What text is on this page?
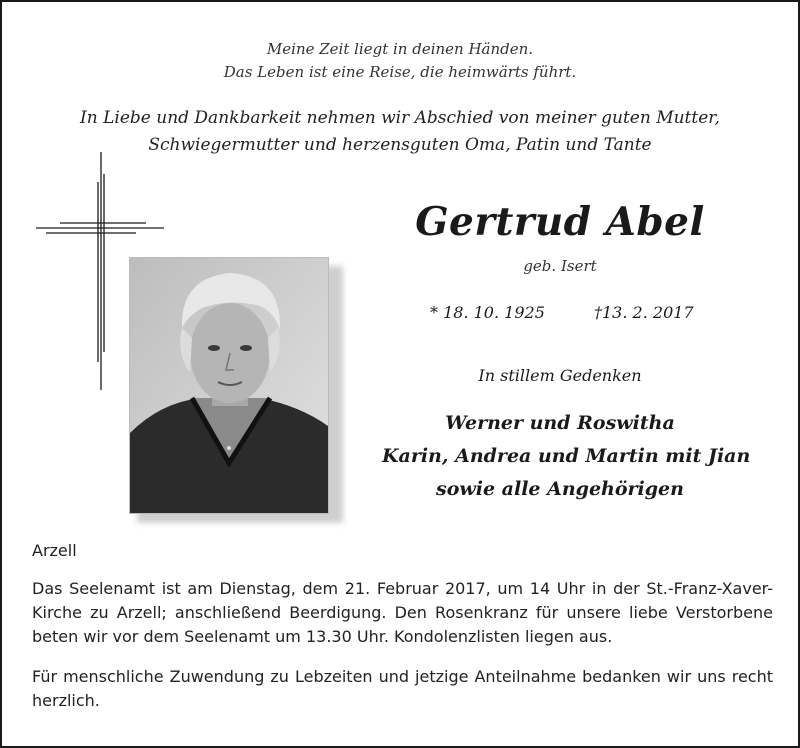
Meine Zeit liegt in deinen Händen.
Das Leben ist eine Reise, die heimwärts führt.
In Liebe und Dankbarkeit nehmen wir Abschied von meiner guten Mutter,
Schwiegermutter und herzensguten Oma, Patin und Tante
Gertrud Abel
geb. Isert
* 18. 10. 1925	†13. 2. 2017
In stillem Gedenken
Werner und Roswitha
Karin, Andrea und Martin mit Jian
sowie alle Angehörigen
Arzell
Das Seelenamt ist am Dienstag, dem 21. Februar 2017, um 14 Uhr in der St.-Franz-Xaver-Kirche zu Arzell; anschließend Beerdigung. Den Rosenkranz für unsere liebe Verstorbene beten wir vor dem Seelenamt um 13.30 Uhr. Kondolenzlisten liegen aus.
Für menschliche Zuwendung zu Lebzeiten und jetzige Anteilnahme bedanken wir uns recht herzlich.
